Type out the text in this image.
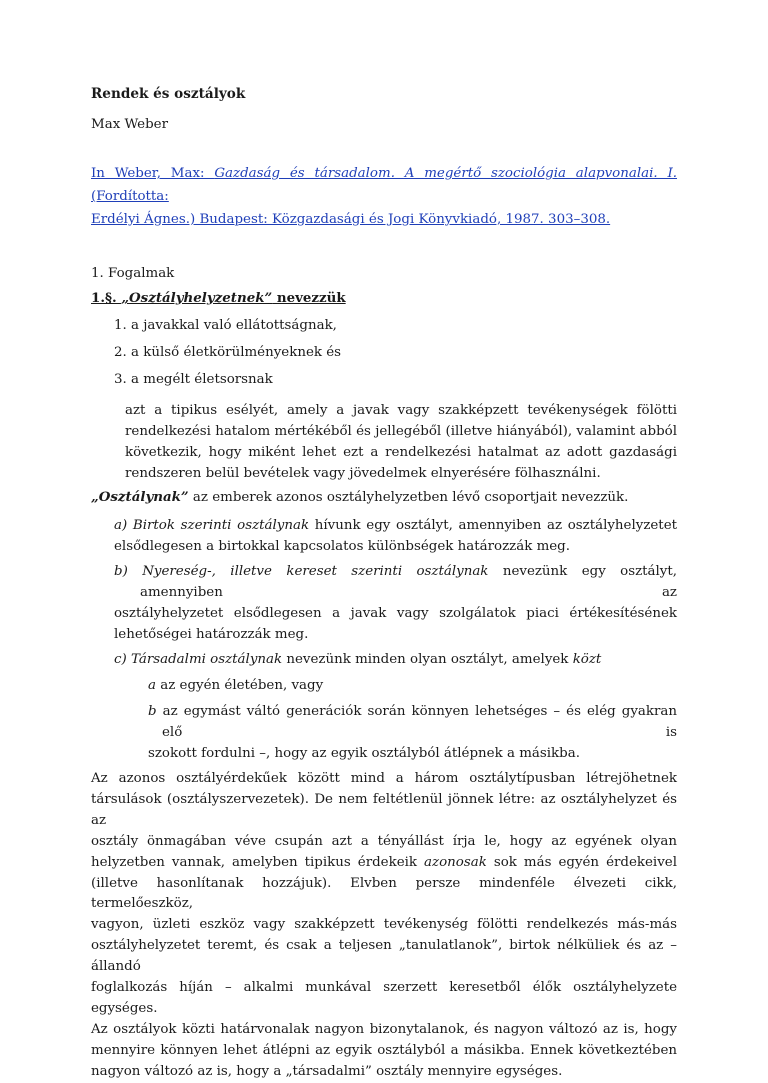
Rendek és osztályok
Max Weber
In Weber, Max: Gazdaság és társadalom. A megértő szociológia alapvonalai. I. (Fordította:
Erdélyi Ágnes.) Budapest: Közgazdasági és Jogi Könyvkiadó, 1987. 303–308.
1. Fogalmak
1.§. „Osztályhelyzetnek” nevezzük
1. a javakkal való ellátottságnak,
2. a külső életkörülményeknek és
3. a megélt életsorsnak
azt a tipikus esélyét, amely a javak vagy szakképzett tevékenységek fölötti
rendelkezési hatalom mértékéből és jellegéből (illetve hiányából), valamint abból
következik, hogy miként lehet ezt a rendelkezési hatalmat az adott gazdasági
rendszeren belül bevételek vagy jövedelmek elnyerésére fölhasználni.
„Osztálynak” az emberek azonos osztályhelyzetben lévő csoportjait nevezzük.
a) Birtok szerinti osztálynak hívunk egy osztályt, amennyiben az osztályhelyzetet
elsődlegesen a birtokkal kapcsolatos különbségek határozzák meg.
b) Nyereség-, illetve kereset szerinti osztálynak nevezünk egy osztályt, amennyiben az
osztályhelyzetet elsődlegesen a javak vagy szolgálatok piaci értékesítésének
lehetőségei határozzák meg.
c) Társadalmi osztálynak nevezünk minden olyan osztályt, amelyek közt
a az egyén életében, vagy
b az egymást váltó generációk során könnyen lehetséges – és elég gyakran elő is
szokott fordulni –, hogy az egyik osztályból átlépnek a másikba.
Az azonos osztályérdekűek között mind a három osztálytípusban létrejöhetnek
társulások (osztályszervezetek). De nem feltétlenül jönnek létre: az osztályhelyzet és az
osztály önmagában véve csupán azt a tényállást írja le, hogy az egyének olyan
helyzetben vannak, amelyben tipikus érdekeik azonosak sok más egyén érdekeivel
(illetve hasonlítanak hozzájuk). Elvben persze mindenféle élvezeti cikk, termelőeszköz,
vagyon, üzleti eszköz vagy szakképzett tevékenység fölötti rendelkezés más-más
osztályhelyzetet teremt, és csak a teljesen „tanulatlanok”, birtok nélküliek és az – állandó
foglalkozás híján – alkalmi munkával szerzett keresetből élők osztályhelyzete egységes.
Az osztályok közti határvonalak nagyon bizonytalanok, és nagyon változó az is, hogy
mennyire könnyen lehet átlépni az egyik osztályból a másikba. Ennek következtében
nagyon változó az is, hogy a „társadalmi” osztály mennyire egységes.
